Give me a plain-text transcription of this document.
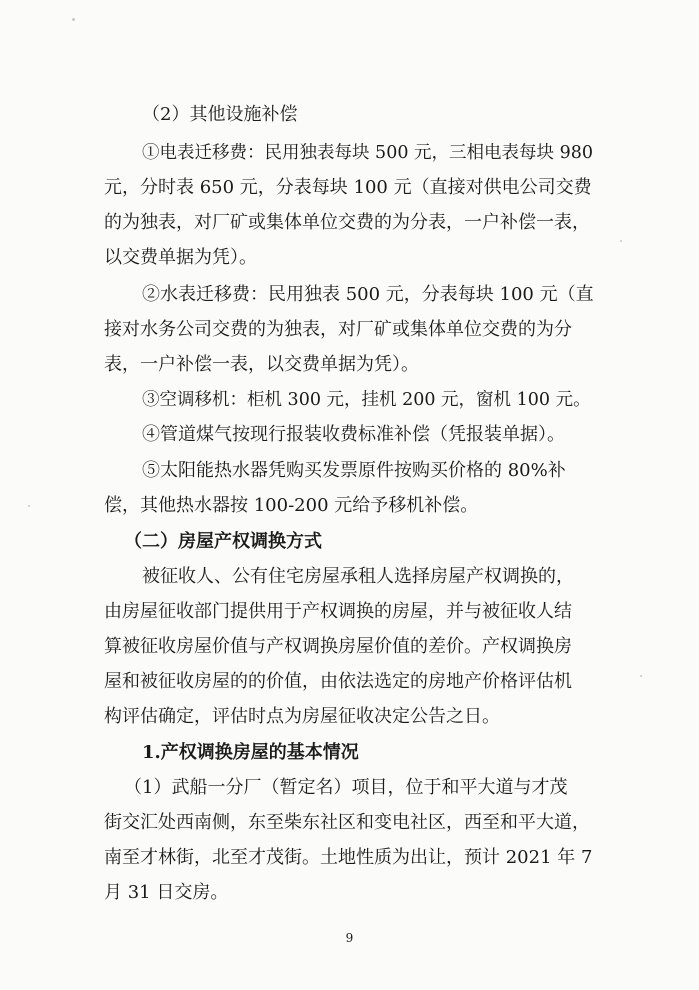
（2）其他设施补偿
①电表迁移费：民用独表每块 500 元，三相电表每块 980
元，分时表 650 元，分表每块 100 元（直接对供电公司交费
的为独表，对厂矿或集体单位交费的为分表，一户补偿一表，
以交费单据为凭）。
②水表迁移费：民用独表 500 元，分表每块 100 元（直
接对水务公司交费的为独表，对厂矿或集体单位交费的为分
表，一户补偿一表，以交费单据为凭）。
③空调移机：柜机 300 元，挂机 200 元，窗机 100 元。
④管道煤气按现行报装收费标准补偿（凭报装单据）。
⑤太阳能热水器凭购买发票原件按购买价格的 80%补
偿，其他热水器按 100-200 元给予移机补偿。
（二）房屋产权调换方式
被征收人、公有住宅房屋承租人选择房屋产权调换的，
由房屋征收部门提供用于产权调换的房屋，并与被征收人结
算被征收房屋价值与产权调换房屋价值的差价。产权调换房
屋和被征收房屋的的价值，由依法选定的房地产价格评估机
构评估确定，评估时点为房屋征收决定公告之日。
1.产权调换房屋的基本情况
（1）武船一分厂（暂定名）项目，位于和平大道与才茂
街交汇处西南侧，东至柴东社区和变电社区，西至和平大道，
南至才林街，北至才茂街。土地性质为出让，预计 2021 年 7
月 31 日交房。
9
